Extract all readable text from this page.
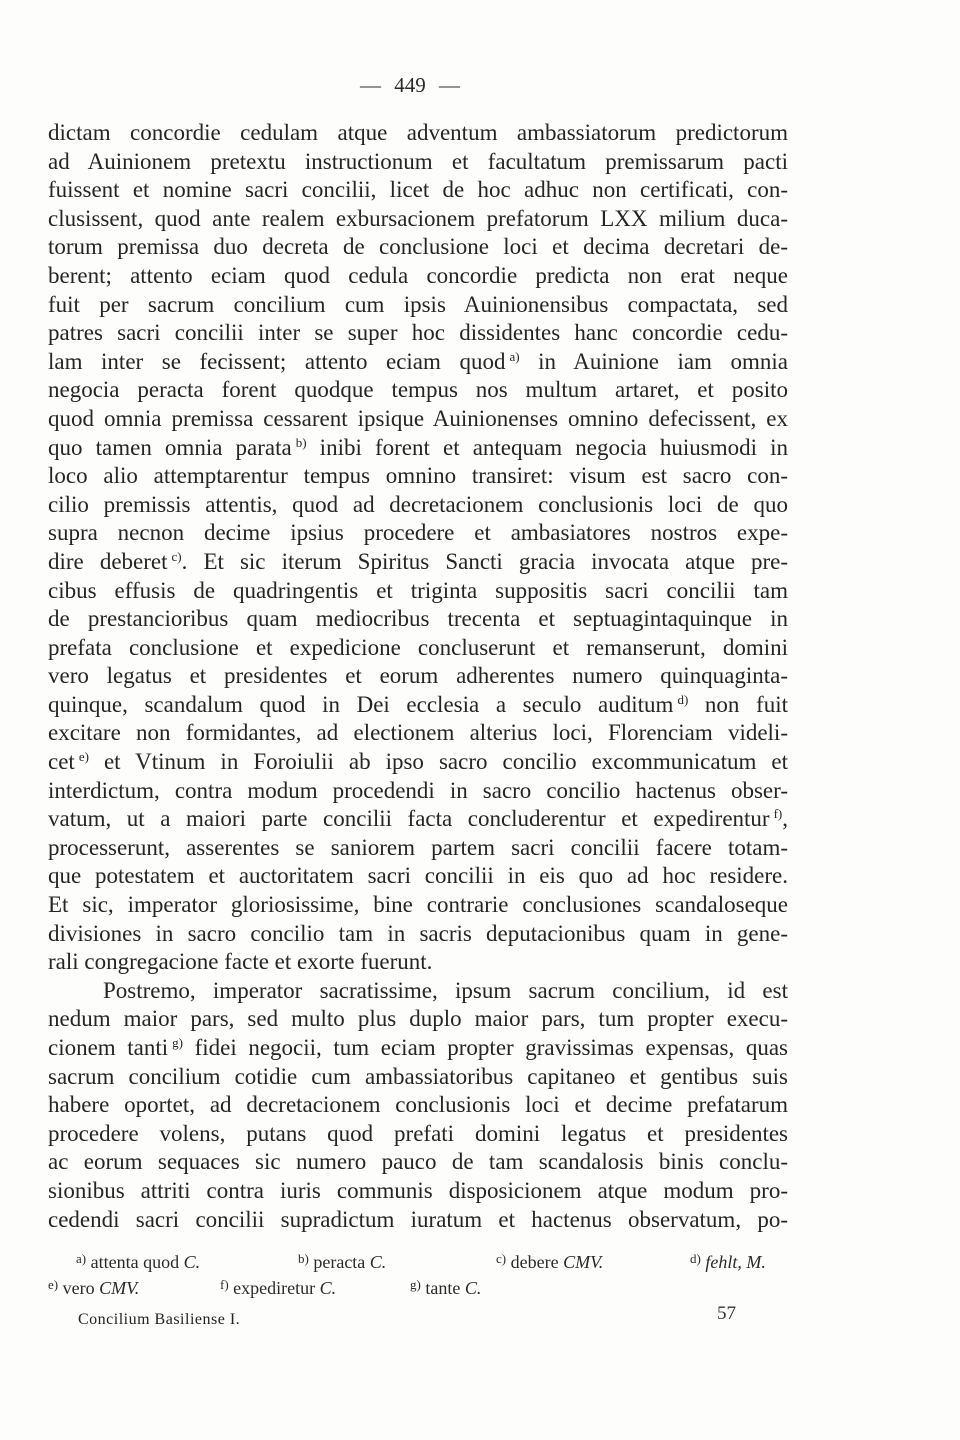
— 449 —
dictam concordie cedulam atque adventum ambassiatorum predictorum
ad Auinionem pretextu instructionum et facultatum premissarum pacti
fuissent et nomine sacri concilii, licet de hoc adhuc non certificati, con-
clusissent, quod ante realem exbursacionem prefatorum LXX milium duca-
torum premissa duo decreta de conclusione loci et decima decretari de-
berent; attento eciam quod cedula concordie predicta non erat neque
fuit per sacrum concilium cum ipsis Auinionensibus compactata, sed
patres sacri concilii inter se super hoc dissidentes hanc concordie cedu-
lam inter se fecissent; attento eciam quod $^{a)}$ in Auinione iam omnia
negocia peracta forent quodque tempus nos multum artaret, et posito
quod omnia premissa cessarent ipsique Auinionenses omnino defecissent, ex
quo tamen omnia parata $^{b)}$ inibi forent et antequam negocia huiusmodi in
loco alio attemptarentur tempus omnino transiret: visum est sacro con-
cilio premissis attentis, quod ad decretacionem conclusionis loci de quo
supra necnon decime ipsius procedere et ambasiatores nostros expe-
dire deberet $^{c)}$. Et sic iterum Spiritus Sancti gracia invocata atque pre-
cibus effusis de quadringentis et triginta suppositis sacri concilii tam
de prestancioribus quam mediocribus trecenta et septuagintaquinque in
prefata conclusione et expedicione concluserunt et remanserunt, domini
vero legatus et presidentes et eorum adherentes numero quinquaginta-
quinque, scandalum quod in Dei ecclesia a seculo auditum $^{d)}$ non fuit
excitare non formidantes, ad electionem alterius loci, Florenciam videli-
cet $^{e)}$ et Vtinum in Foroiulii ab ipso sacro concilio excommunicatum et
interdictum, contra modum procedendi in sacro concilio hactenus obser-
vatum, ut a maiori parte concilii facta concluderentur et expedirentur $^{f)}$,
processerunt, asserentes se saniorem partem sacri concilii facere totam-
que potestatem et auctoritatem sacri concilii in eis quo ad hoc residere.
Et sic, imperator gloriosissime, bine contrarie conclusiones scandaloseque
divisiones in sacro concilio tam in sacris deputacionibus quam in gene-
rali congregacione facte et exorte fuerunt.
Postremo, imperator sacratissime, ipsum sacrum concilium, id est
nedum maior pars, sed multo plus duplo maior pars, tum propter execu-
cionem tanti $^{g)}$ fidei negocii, tum eciam propter gravissimas expensas, quas
sacrum concilium cotidie cum ambassiatoribus capitaneo et gentibus suis
habere oportet, ad decretacionem conclusionis loci et decime prefatarum
procedere volens, putans quod prefati domini legatus et presidentes
ac eorum sequaces sic numero pauco de tam scandalosis binis conclu-
sionibus attriti contra iuris communis disposicionem atque modum pro-
cedendi sacri concilii supradictum iuratum et hactenus observatum, po-
$^{a)}$ attenta quod C.	$^{b)}$ peracta C.	$^{c)}$ debere CMV.	$^{d)}$ fehlt, M.
$^{e)}$ vero CMV.	$^{f)}$ expediretur C.	$^{g)}$ tante C.
Concilium Basiliense I.	57
